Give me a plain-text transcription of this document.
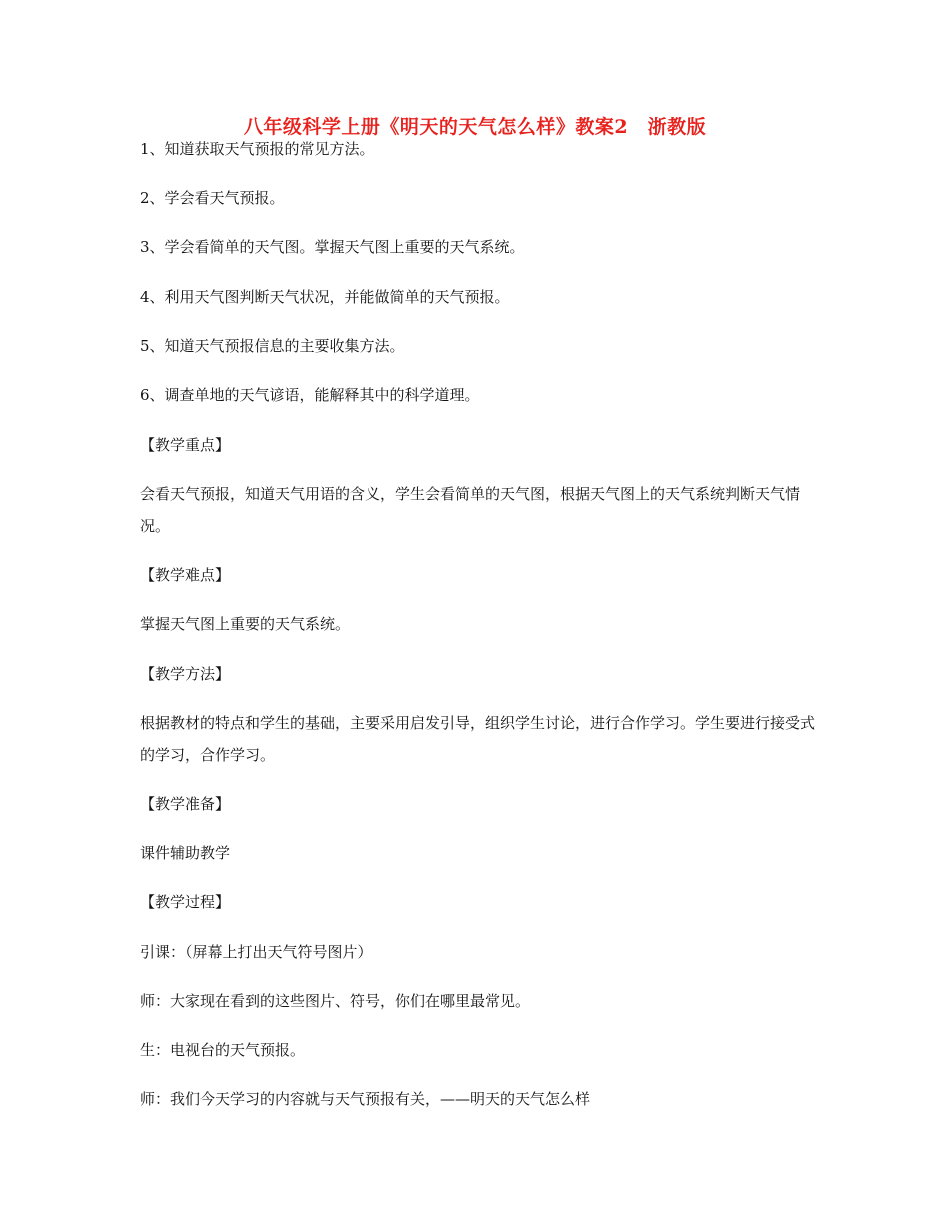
八年级科学上册《明天的天气怎么样》教案2　浙教版
1、知道获取天气预报的常见方法。
2、学会看天气预报。
3、学会看简单的天气图。掌握天气图上重要的天气系统。
4、利用天气图判断天气状况，并能做简单的天气预报。
5、知道天气预报信息的主要收集方法。
6、调查单地的天气谚语，能解释其中的科学道理。
【教学重点】
会看天气预报，知道天气用语的含义，学生会看简单的天气图，根据天气图上的天气系统判断天气情况。
【教学难点】
掌握天气图上重要的天气系统。
【教学方法】
根据教材的特点和学生的基础，主要采用启发引导，组织学生讨论，进行合作学习。学生要进行接受式的学习，合作学习。
【教学准备】
课件辅助教学
【教学过程】
引课：（屏幕上打出天气符号图片）
师：大家现在看到的这些图片、符号，你们在哪里最常见。
生：电视台的天气预报。
师：我们今天学习的内容就与天气预报有关，——明天的天气怎么样
